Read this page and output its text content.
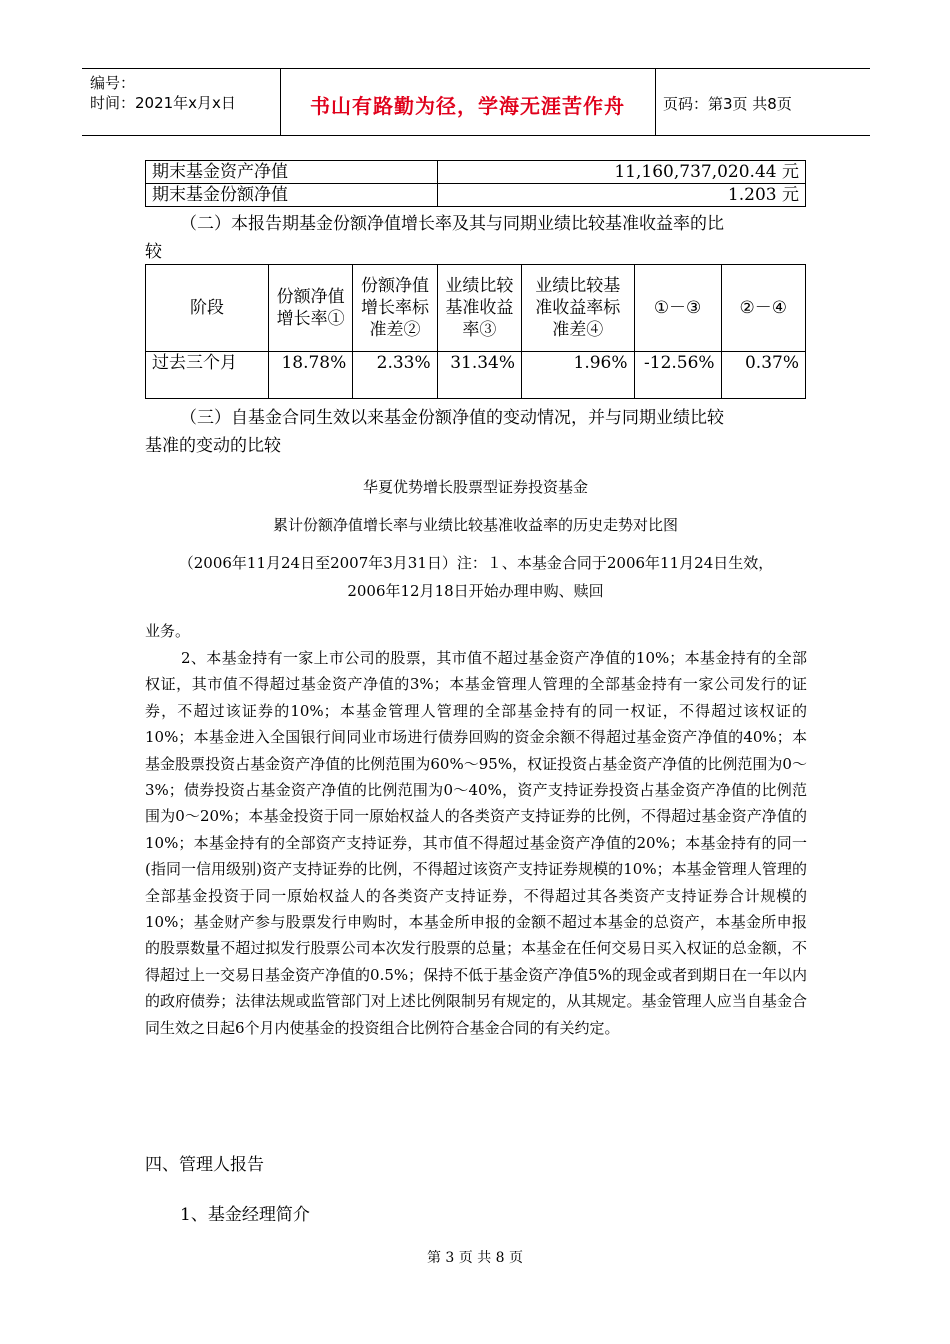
编号：
时间：2021年x月x日	书山有路勤为径，学海无涯苦作舟	页码：第3页 共8页
期末基金资产净值	11,160,737,020.44 元
期末基金份额净值	1.203 元
（二）本报告期基金份额净值增长率及其与同期业绩比较基准收益率的比
较
阶段	份额净值增长率①	份额净值增长率标准差②	业绩比较基准收益率③	业绩比较基准收益率标准差④	①－③	②－④
过去三个月	18.78%	2.33%	31.34%	1.96%	-12.56%	0.37%
（三）自基金合同生效以来基金份额净值的变动情况，并与同期业绩比较
基准的变动的比较
华夏优势增长股票型证券投资基金
累计份额净值增长率与业绩比较基准收益率的历史走势对比图
（2006年11月24日至2007年3月31日）注：１、本基金合同于2006年11月24日生效，
2006年12月18日开始办理申购、赎回
业务。
2、本基金持有一家上市公司的股票，其市值不超过基金资产净值的10%；本基金持有的全部权证，其市值不得超过基金资产净值的3%；本基金管理人管理的全部基金持有一家公司发行的证券，不超过该证券的10%；本基金管理人管理的全部基金持有的同一权证，不得超过该权证的10%；本基金进入全国银行间同业市场进行债券回购的资金余额不得超过基金资产净值的40%；本基金股票投资占基金资产净值的比例范围为60%～95%，权证投资占基金资产净值的比例范围为0～3%；债券投资占基金资产净值的比例范围为0～40%，资产支持证券投资占基金资产净值的比例范围为0～20%；本基金投资于同一原始权益人的各类资产支持证券的比例，不得超过基金资产净值的10%；本基金持有的全部资产支持证券，其市值不得超过基金资产净值的20%；本基金持有的同一(指同一信用级别)资产支持证券的比例，不得超过该资产支持证券规模的10%；本基金管理人管理的全部基金投资于同一原始权益人的各类资产支持证券，不得超过其各类资产支持证券合计规模的10%；基金财产参与股票发行申购时，本基金所申报的金额不超过本基金的总资产，本基金所申报的股票数量不超过拟发行股票公司本次发行股票的总量；本基金在任何交易日买入权证的总金额，不得超过上一交易日基金资产净值的0.5%；保持不低于基金资产净值5%的现金或者到期日在一年以内的政府债券；法律法规或监管部门对上述比例限制另有规定的，从其规定。基金管理人应当自基金合同生效之日起6个月内使基金的投资组合比例符合基金合同的有关约定。
四、管理人报告
1、基金经理简介
第 3 页 共 8 页
